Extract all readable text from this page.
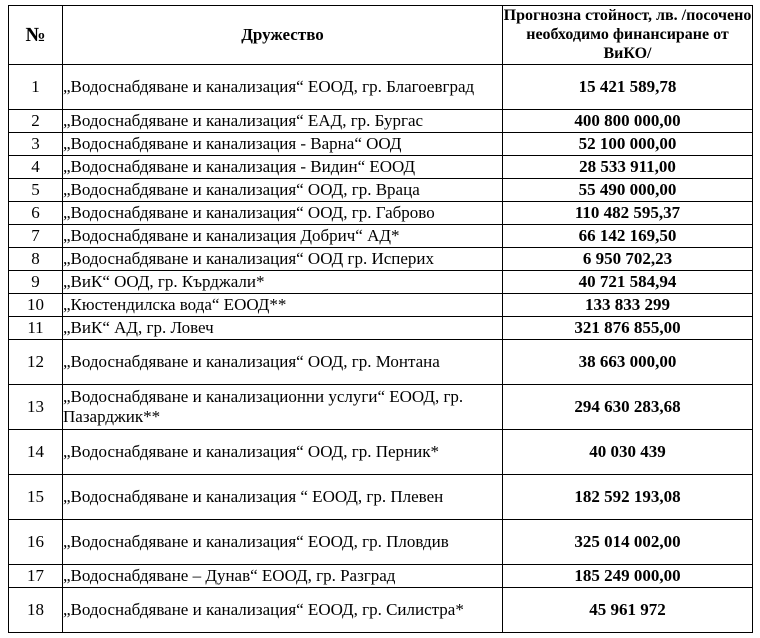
№	Дружество	Прогнозна стойност, лв. /посочено необходимо финансиране от ВиКО/
1	„Водоснабдяване и канализация“ ЕООД, гр. Благоевград	15 421 589,78
2	„Водоснабдяване и канализация“ ЕАД, гр. Бургас	400 800 000,00
3	„Водоснабдяване и канализация - Варна“ ООД	52 100 000,00
4	„Водоснабдяване и канализация - Видин“ ЕООД	28 533 911,00
5	„Водоснабдяване и канализация“ ООД, гр. Враца	55 490 000,00
6	„Водоснабдяване и канализация“ ООД, гр. Габрово	110 482 595,37
7	„Водоснабдяване и канализация Добрич“ АД*	66 142 169,50
8	„Водоснабдяване и канализация“ ООД гр. Исперих	6 950 702,23
9	„ВиК“ ООД, гр. Кърджали*	40 721 584,94
10	„Кюстендилска вода“ ЕООД**	133 833 299
11	„ВиК“ АД, гр. Ловеч	321 876 855,00
12	„Водоснабдяване и канализация“ ООД, гр. Монтана	38 663 000,00
13	„Водоснабдяване и канализационни услуги“ ЕООД, гр. Пазарджик**	294 630 283,68
14	„Водоснабдяване и канализация“ ООД, гр. Перник*	40 030 439
15	„Водоснабдяване и канализация “ ЕООД, гр. Плевен	182 592 193,08
16	„Водоснабдяване и канализация“ ЕООД, гр. Пловдив	325 014 002,00
17	„Водоснабдяване – Дунав“ ЕООД, гр. Разград	185 249 000,00
18	„Водоснабдяване и канализация“ ЕООД, гр. Силистра*	45 961 972
